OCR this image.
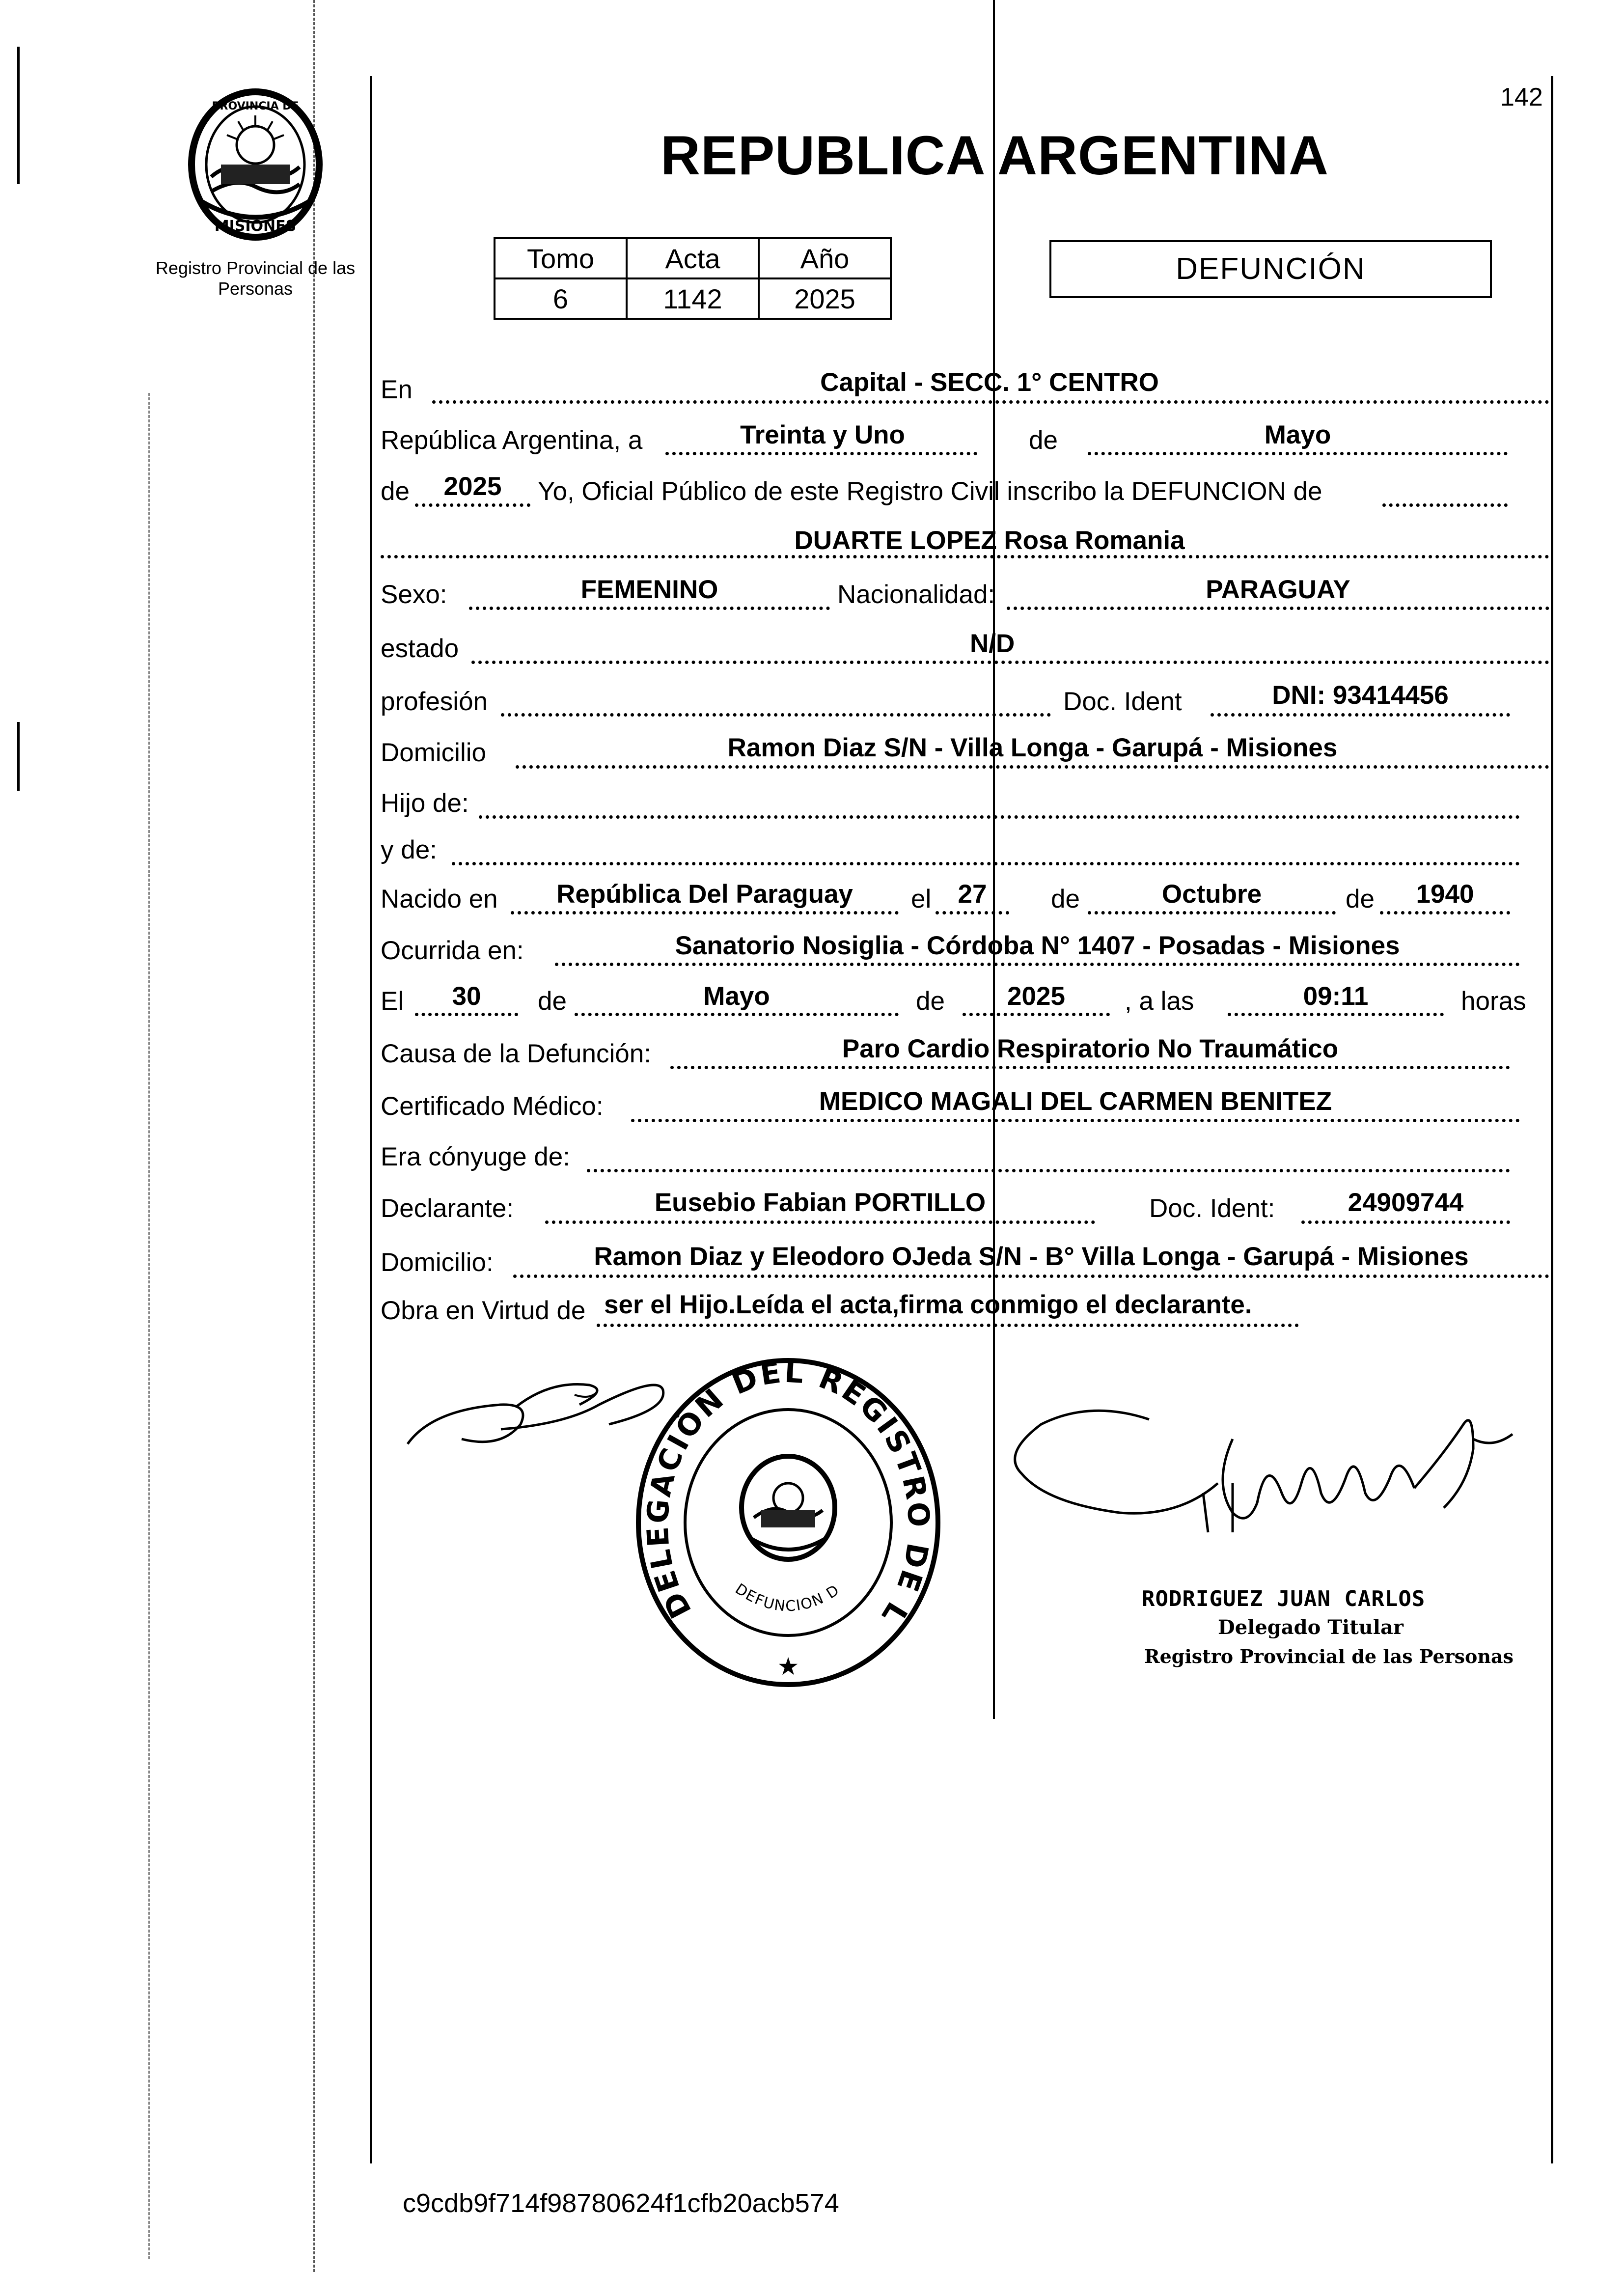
142
MISIONES
PROVINCIA DE
Registro Provincial de las Personas
REPUBLICA ARGENTINA
Tomo	Acta	Año
6	1142	2025
DEFUNCIÓN
En	Capital - SECC. 1° CENTRO
República Argentina, a	Treinta y Uno	de	Mayo
de	2025	Yo, Oficial Público de este Registro Civil inscribo la DEFUNCION de
DUARTE LOPEZ Rosa Romania
Sexo:	FEMENINO	Nacionalidad:	PARAGUAY
estado	N/D
profesión	Doc. Ident	DNI: 93414456
Domicilio	Ramon Diaz S/N - Villa Longa - Garupá - Misiones
Hijo de:
y de:
Nacido en	República Del Paraguay	el	27	de	Octubre	de	1940
Ocurrida en:	Sanatorio Nosiglia - Córdoba N° 1407 - Posadas - Misiones
El	30	de	Mayo	de	2025	, a las	09:11	horas
Causa de la Defunción:	Paro Cardio Respiratorio No Traumático
Certificado Médico:	MEDICO MAGALI DEL CARMEN BENITEZ
Era cónyuge de:
Declarante:	Eusebio Fabian PORTILLO	Doc. Ident:	24909744
Domicilio:	Ramon Diaz y Eleodoro OJeda S/N - B° Villa Longa - Garupá - Misiones
Obra en Virtud de ser el Hijo.Leída el acta,firma conmigo el declarante.
DELEGACIÓN DEL REGISTRO DE L
DEFUNCION D
★
RODRIGUEZ JUAN CARLOS
Delegado Titular
Registro Provincial de las Personas
c9cdb9f714f98780624f1cfb20acb574
